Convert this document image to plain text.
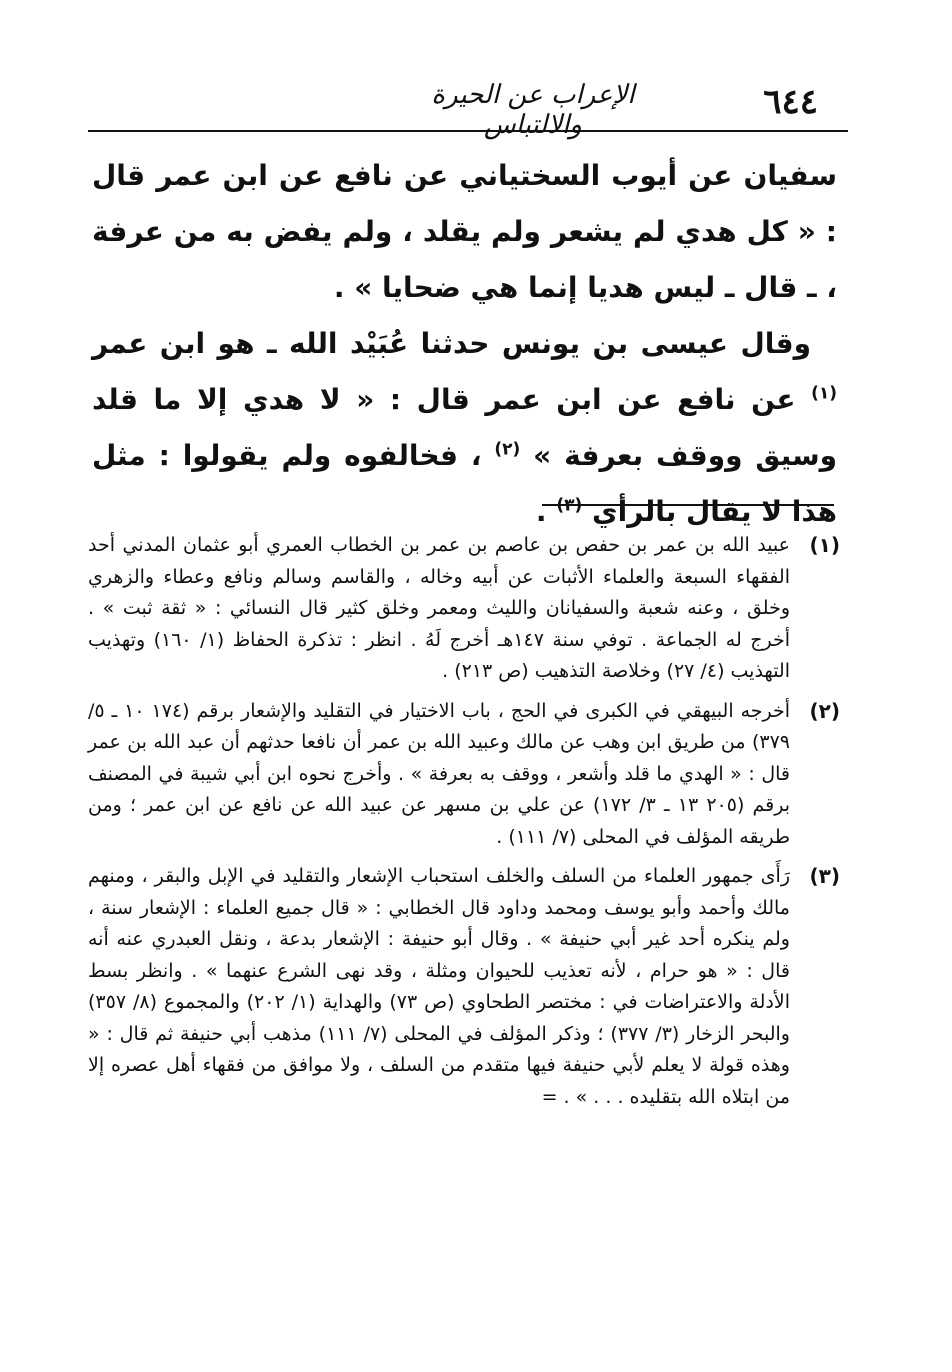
٦٤٤
الإعراب عن الحيرة والالتباس

سفيان عن أيوب السختياني عن نافع عن ابن عمر قال : « كل هدي لم يشعر ولم يقلد ، ولم يفض به من عرفة ، ـ قال ـ ليس هديا إنما هي ضحايا » .

وقال عيسى بن يونس حدثنا عُبَيْد الله ـ هو ابن عمر $^{(١)}$ عن نافع عن ابن عمر قال : « لا هدي إلا ما قلد وسيق ووقف بعرفة » $^{(٢)}$ ، فخالفوه ولم يقولوا : مثل هذا لا يقال بالرأي $^{(٣)}$ .

(١)
عبيد الله بن عمر بن حفص بن عاصم بن عمر بن الخطاب العمري أبو عثمان المدني أحد الفقهاء السبعة والعلماء الأثبات عن أبيه وخاله ، والقاسم وسالم ونافع وعطاء والزهري وخلق ، وعنه شعبة والسفيانان والليث ومعمر وخلق كثير قال النسائي : « ثقة ثبت » . أخرج له الجماعة . توفي سنة ١٤٧هـ أخرج لَهُ . انظر : تذكرة الحفاظ (١/ ١٦٠) وتهذيب التهذيب (٤/ ٢٧) وخلاصة التذهيب (ص ٢١٣) .
(٢)
أخرجه البيهقي في الكبرى في الحج ، باب الاختيار في التقليد والإشعار برقم (١٧٤ ١٠ ـ ٥/ ٣٧٩) من طريق ابن وهب عن مالك وعبيد الله بن عمر أن نافعا حدثهم أن عبد الله بن عمر قال : « الهدي ما قلد وأشعر ، ووقف به بعرفة » . وأخرج نحوه ابن أبي شيبة في المصنف برقم (٢٠٥ ١٣ ـ ٣/ ١٧٢) عن علي بن مسهر عن عبيد الله عن نافع عن ابن عمر ؛ ومن طريقه المؤلف في المحلى (٧/ ١١١) .
(٣)
رَأَى جمهور العلماء من السلف والخلف استحباب الإشعار والتقليد في الإبل والبقر ، ومنهم مالك وأحمد وأبو يوسف ومحمد وداود قال الخطابي : « قال جميع العلماء : الإشعار سنة ، ولم ينكره أحد غير أبي حنيفة » . وقال أبو حنيفة : الإشعار بدعة ، ونقل العبدري عنه أنه قال : « هو حرام ، لأنه تعذيب للحيوان ومثلة ، وقد نهى الشرع عنهما » . وانظر بسط الأدلة والاعتراضات في : مختصر الطحاوي (ص ٧٣) والهداية (١/ ٢٠٢) والمجموع (٨/ ٣٥٧) والبحر الزخار (٣/ ٣٧٧) ؛ وذكر المؤلف في المحلى (٧/ ١١١) مذهب أبي حنيفة ثم قال : « وهذه قولة لا يعلم لأبي حنيفة فيها متقدم من السلف ، ولا موافق من فقهاء أهل عصره إلا من ابتلاه الله بتقليده . . . » . =
